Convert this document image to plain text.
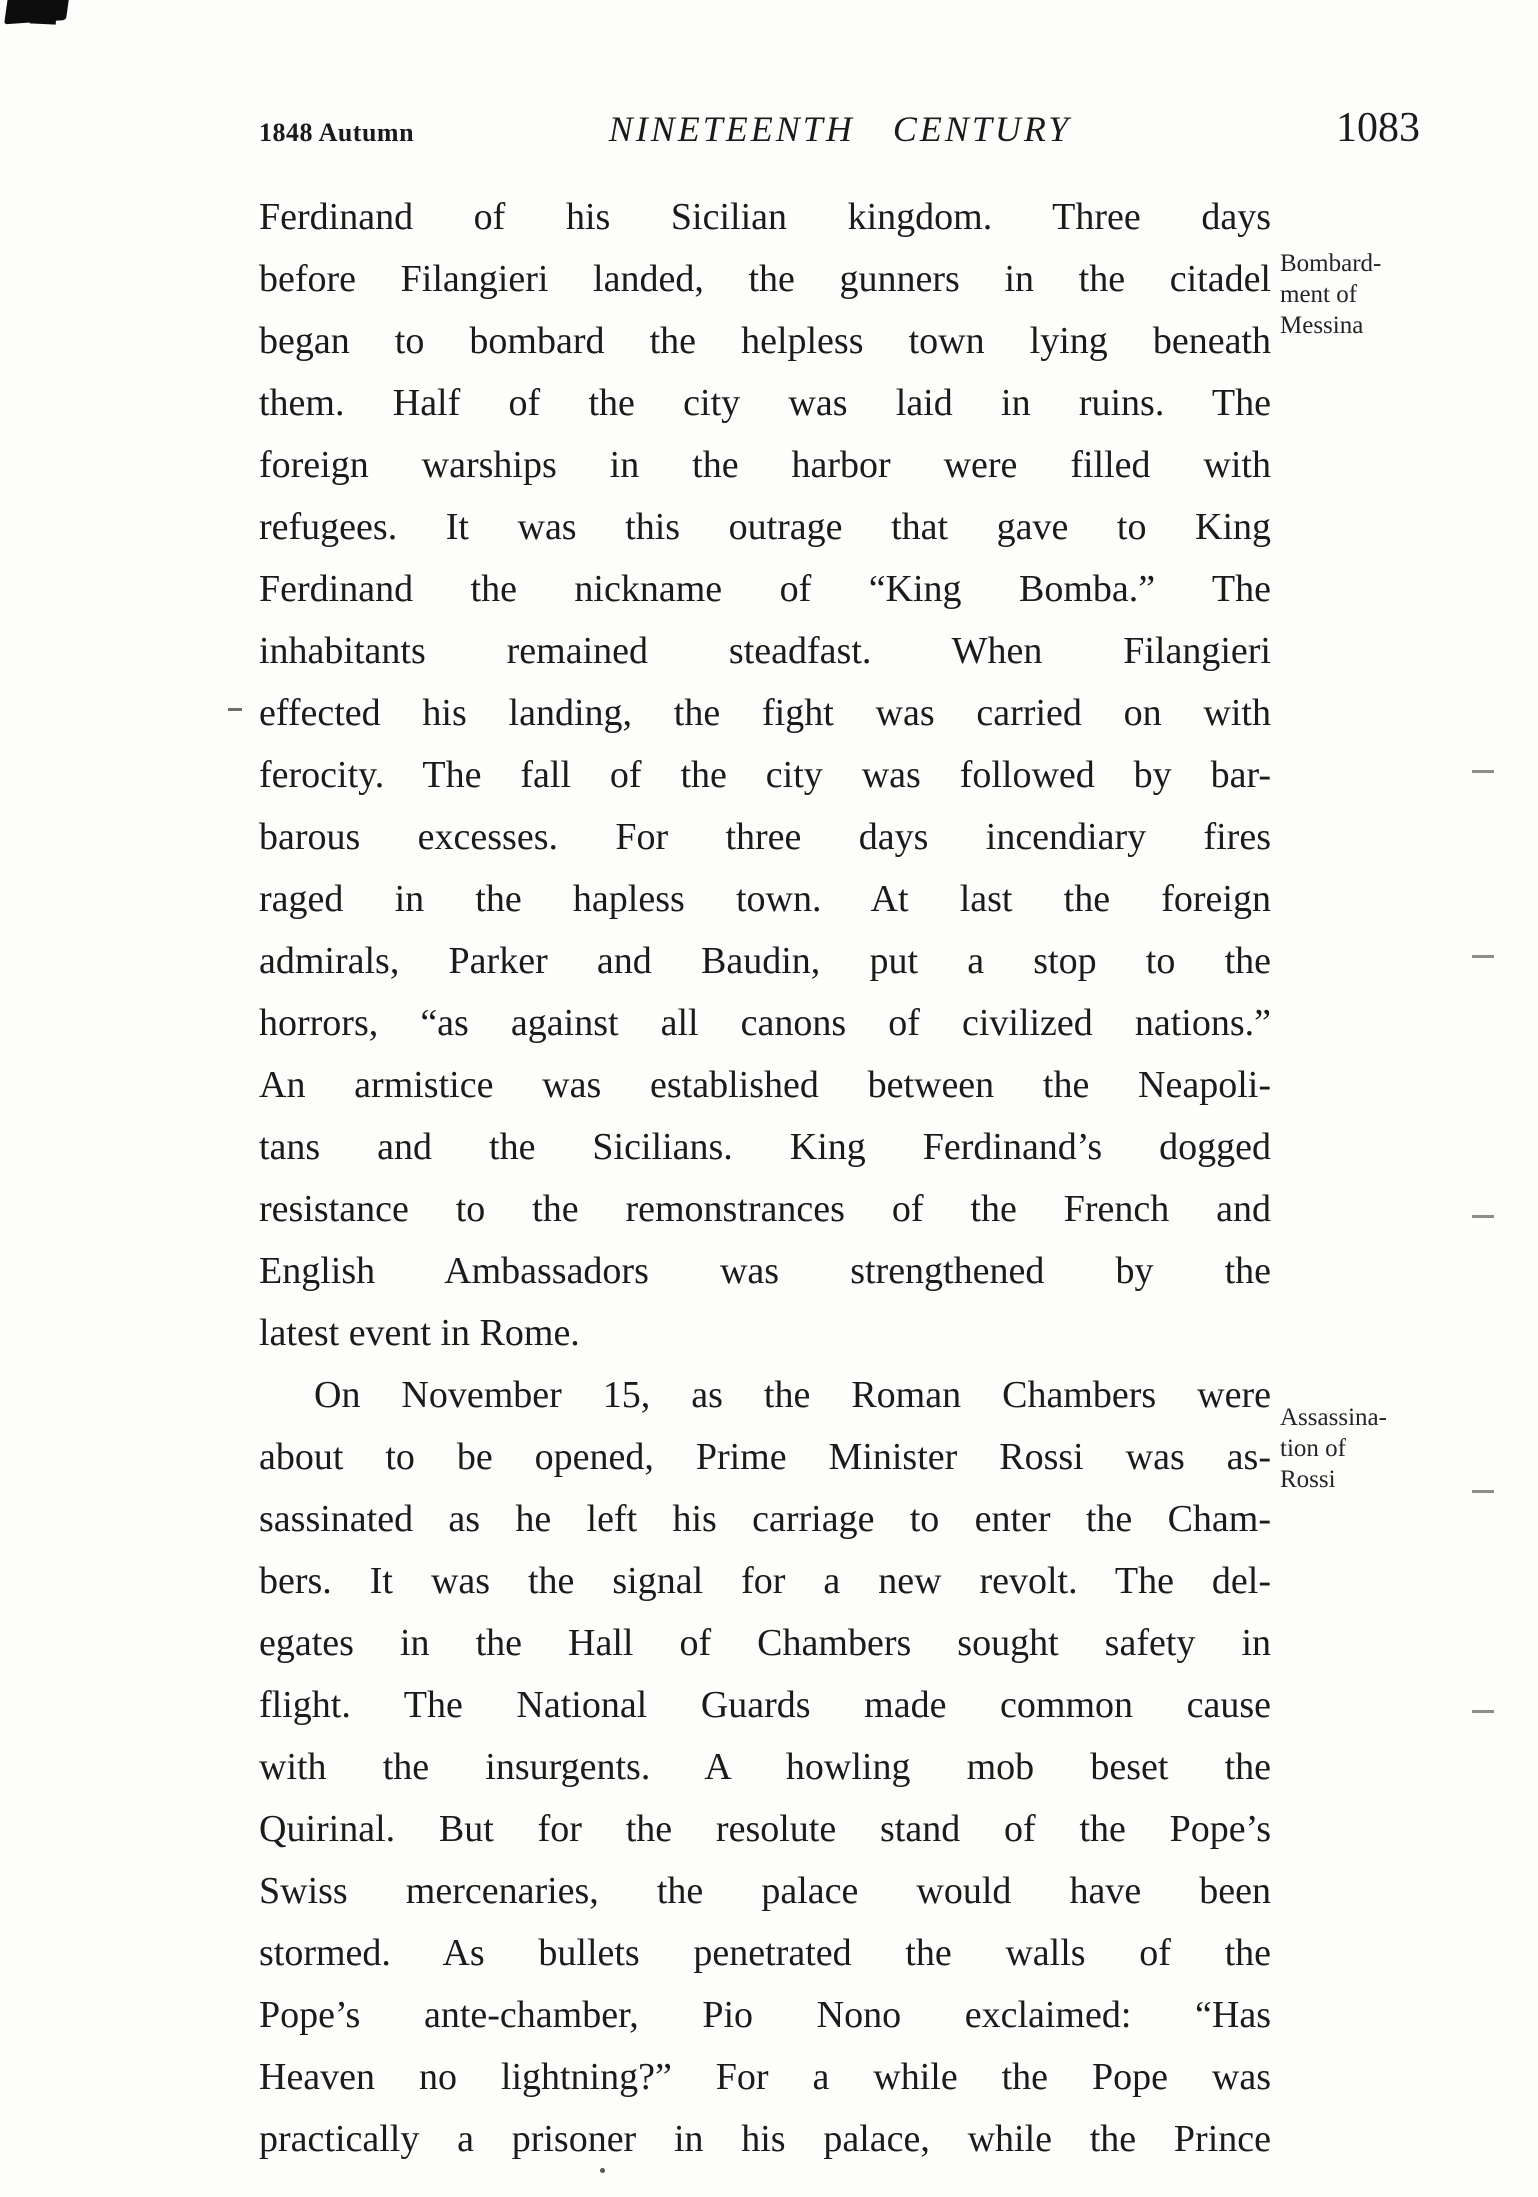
1848 Autumn	NINETEENTH CENTURY	1083
Ferdinand of his Sicilian kingdom. Three days
before Filangieri landed, the gunners in the citadel
began to bombard the helpless town lying beneath
them. Half of the city was laid in ruins. The
foreign warships in the harbor were filled with
refugees. It was this outrage that gave to King
Ferdinand the nickname of “King Bomba.” The
inhabitants remained steadfast. When Filangieri
effected his landing, the fight was carried on with
ferocity. The fall of the city was followed by bar-
barous excesses. For three days incendiary fires
raged in the hapless town. At last the foreign
admirals, Parker and Baudin, put a stop to the
horrors, “as against all canons of civilized nations.”
An armistice was established between the Neapoli-
tans and the Sicilians. King Ferdinand’s dogged
resistance to the remonstrances of the French and
English Ambassadors was strengthened by the
latest event in Rome.
On November 15, as the Roman Chambers were
about to be opened, Prime Minister Rossi was as-
sassinated as he left his carriage to enter the Cham-
bers. It was the signal for a new revolt. The del-
egates in the Hall of Chambers sought safety in
flight. The National Guards made common cause
with the insurgents. A howling mob beset the
Quirinal. But for the resolute stand of the Pope’s
Swiss mercenaries, the palace would have been
stormed. As bullets penetrated the walls of the
Pope’s ante-chamber, Pio Nono exclaimed: “Has
Heaven no lightning?” For a while the Pope was
practically a prisoner in his palace, while the Prince
Bombard-
ment of
Messina
Assassina-
tion of
Rossi
